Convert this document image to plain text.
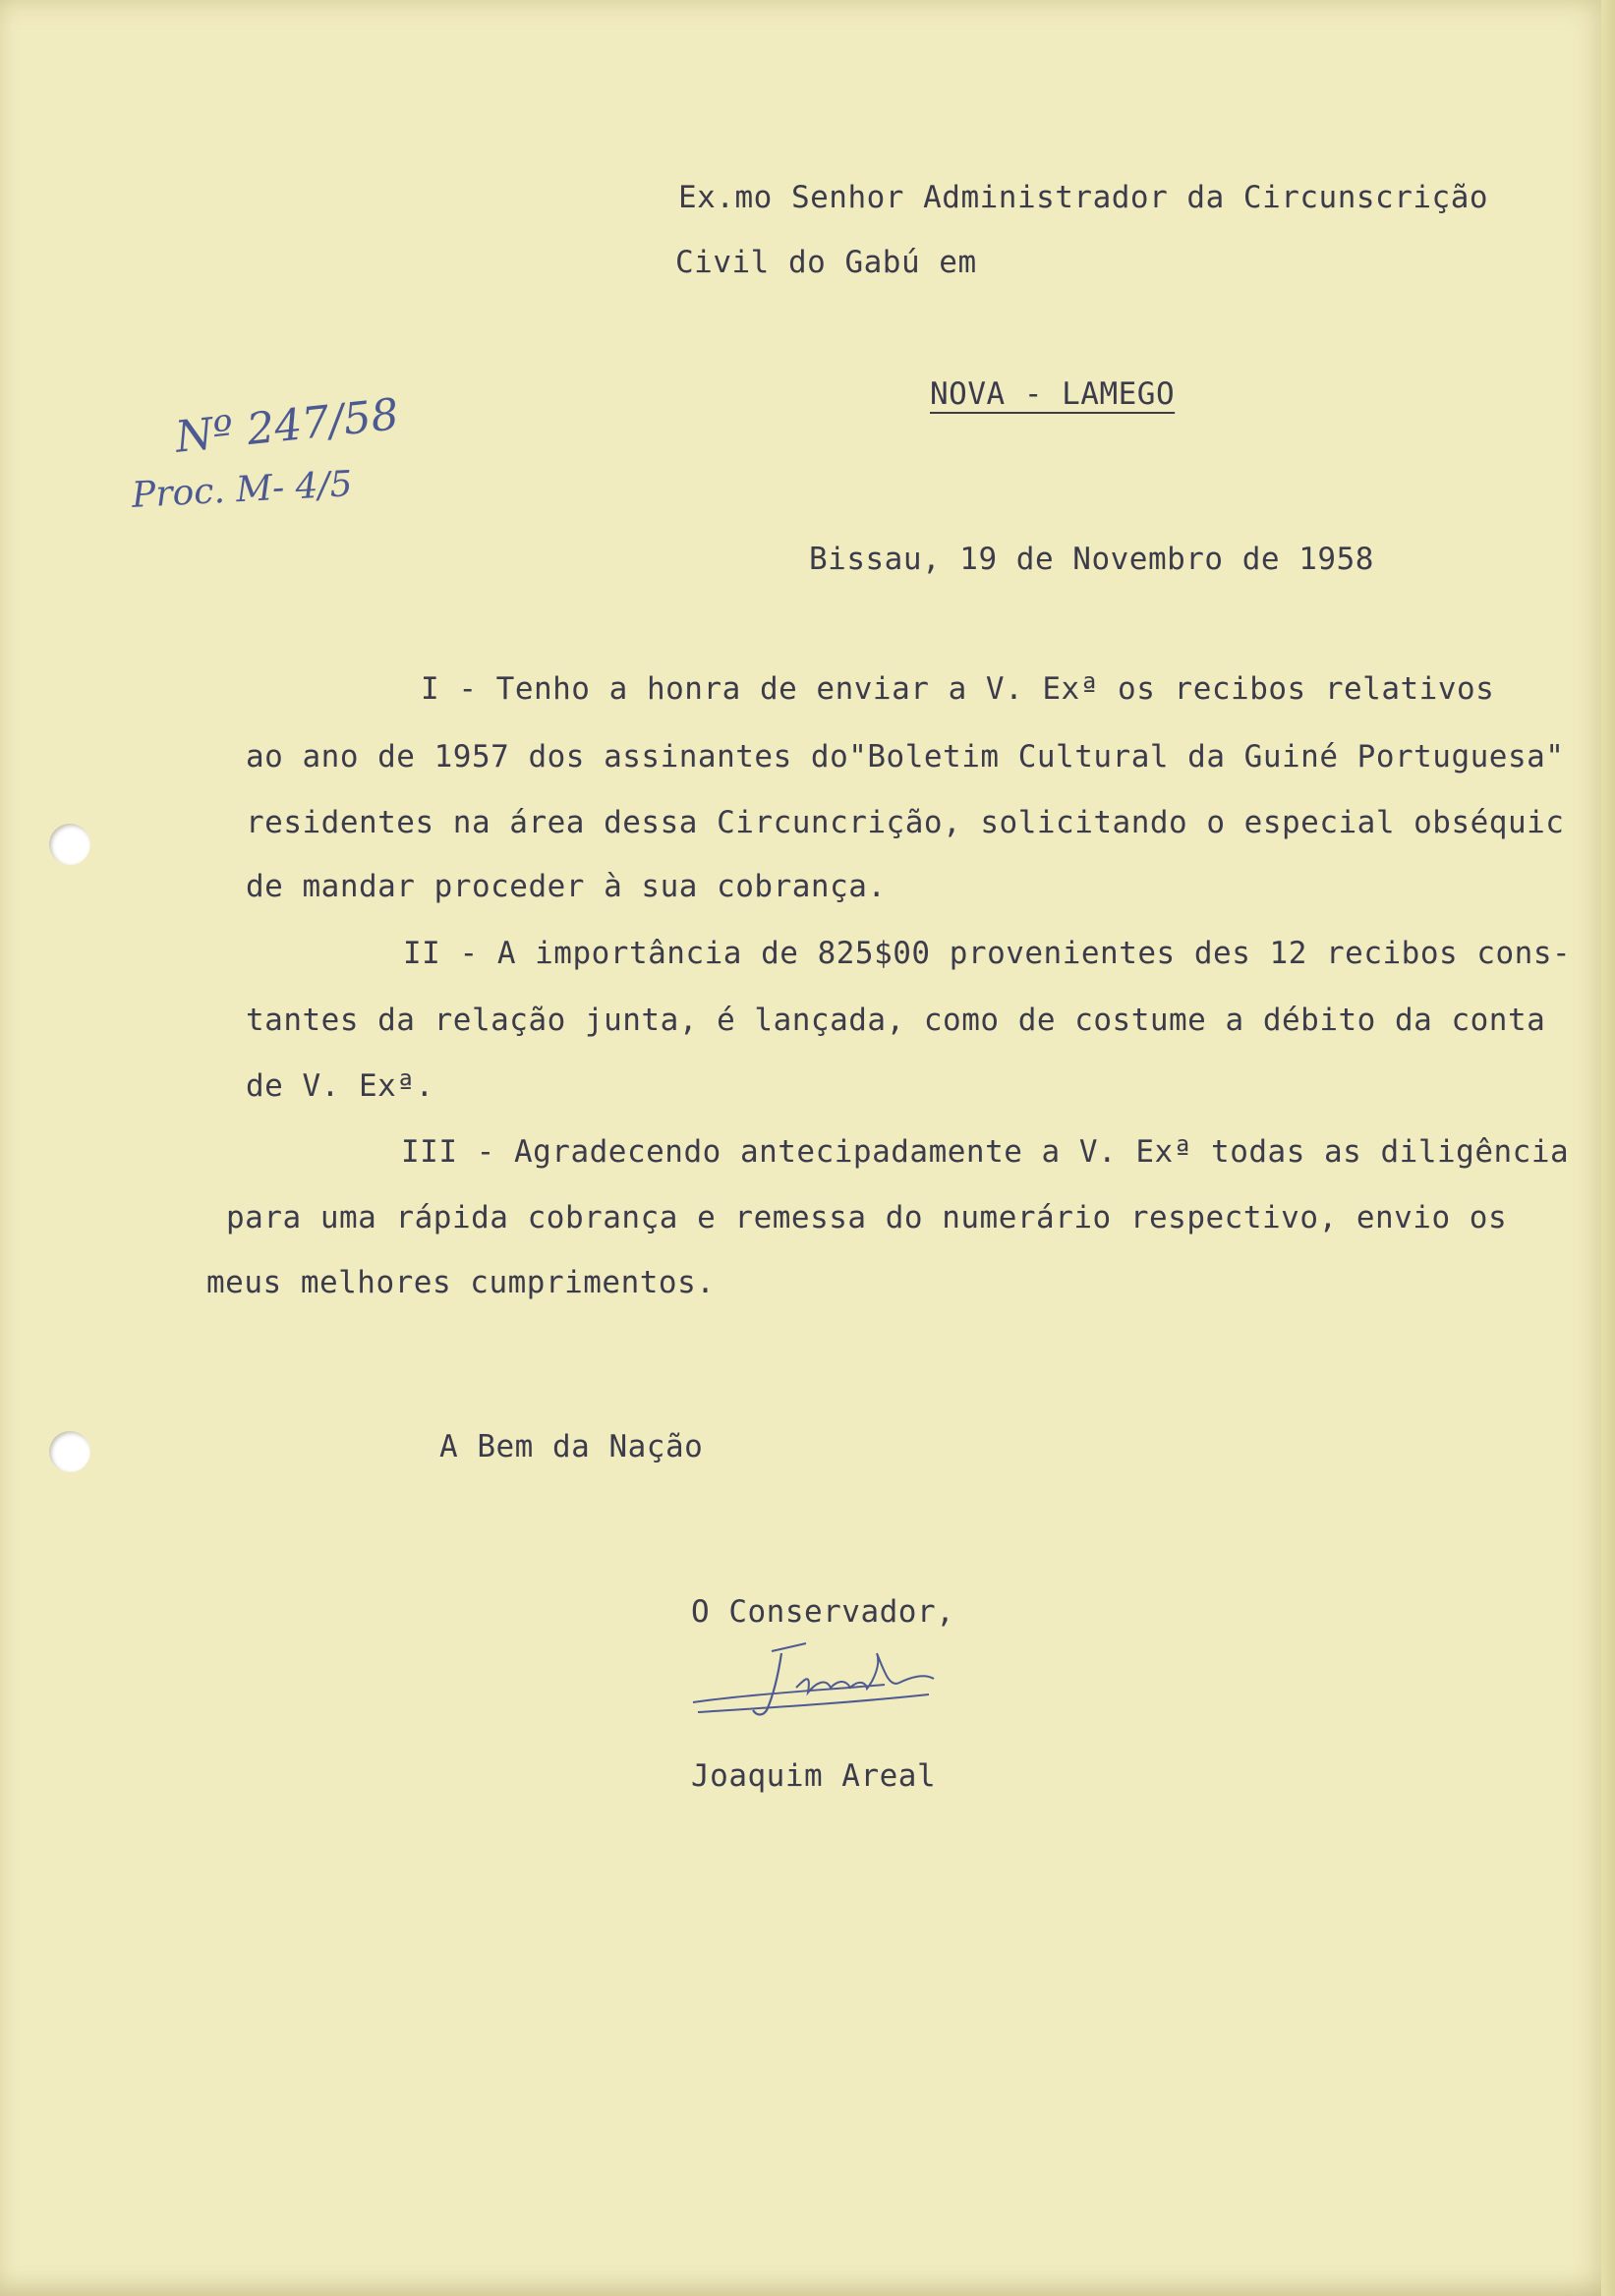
Ex.mo Senhor Administrador da Circunscrição
Civil do Gabú em
NOVA - LAMEGO
Nº 247/58
Proc. M- 4/5
Bissau, 19 de Novembro de 1958
I - Tenho a honra de enviar a V. Exª os recibos relativos
ao ano de 1957 dos assinantes do"Boletim Cultural da Guiné Portuguesa"
residentes na área dessa Circuncrição, solicitando o especial obséquic
de mandar proceder à sua cobrança.
II - A importância de 825$00 provenientes des 12 recibos cons-
tantes da relação junta, é lançada, como de costume a débito da conta
de V. Exª.
III - Agradecendo antecipadamente a V. Exª todas as diligência
para uma rápida cobrança e remessa do numerário respectivo, envio os
meus melhores cumprimentos.
A Bem da Nação
O Conservador,
Joaquim Areal
